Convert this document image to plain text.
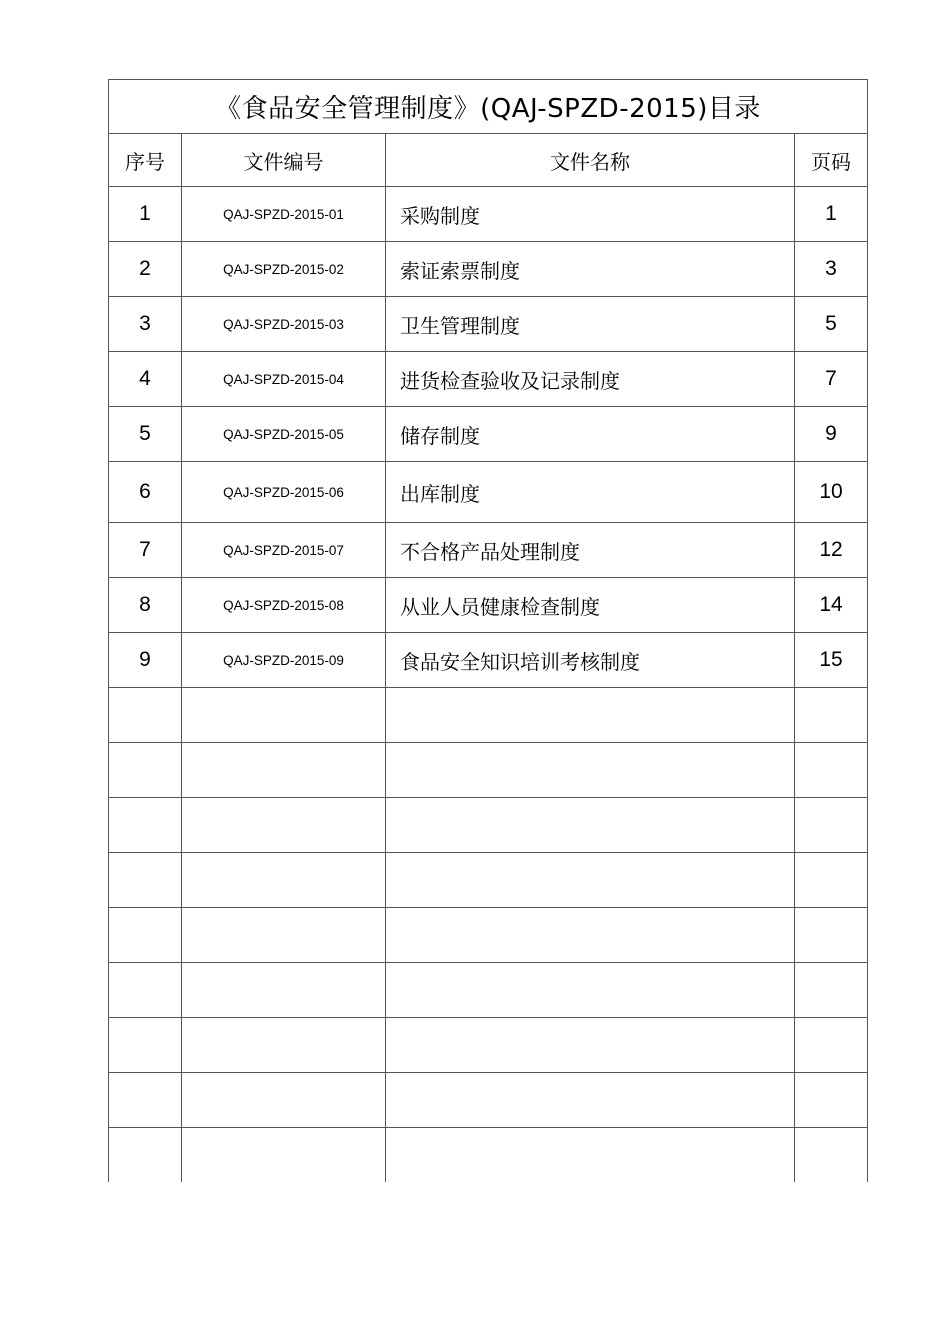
《食品安全管理制度》(QAJ-SPZD-2015)目录			
序号	文件编号	文件名称	页码
1	QAJ-SPZD-2015-01	采购制度	1
2	QAJ-SPZD-2015-02	索证索票制度	3
3	QAJ-SPZD-2015-03	卫生管理制度	5
4	QAJ-SPZD-2015-04	进货检查验收及记录制度	7
5	QAJ-SPZD-2015-05	储存制度	9
6	QAJ-SPZD-2015-06	出库制度	10
7	QAJ-SPZD-2015-07	不合格产品处理制度	12
8	QAJ-SPZD-2015-08	从业人员健康检查制度	14
9	QAJ-SPZD-2015-09	食品安全知识培训考核制度	15
